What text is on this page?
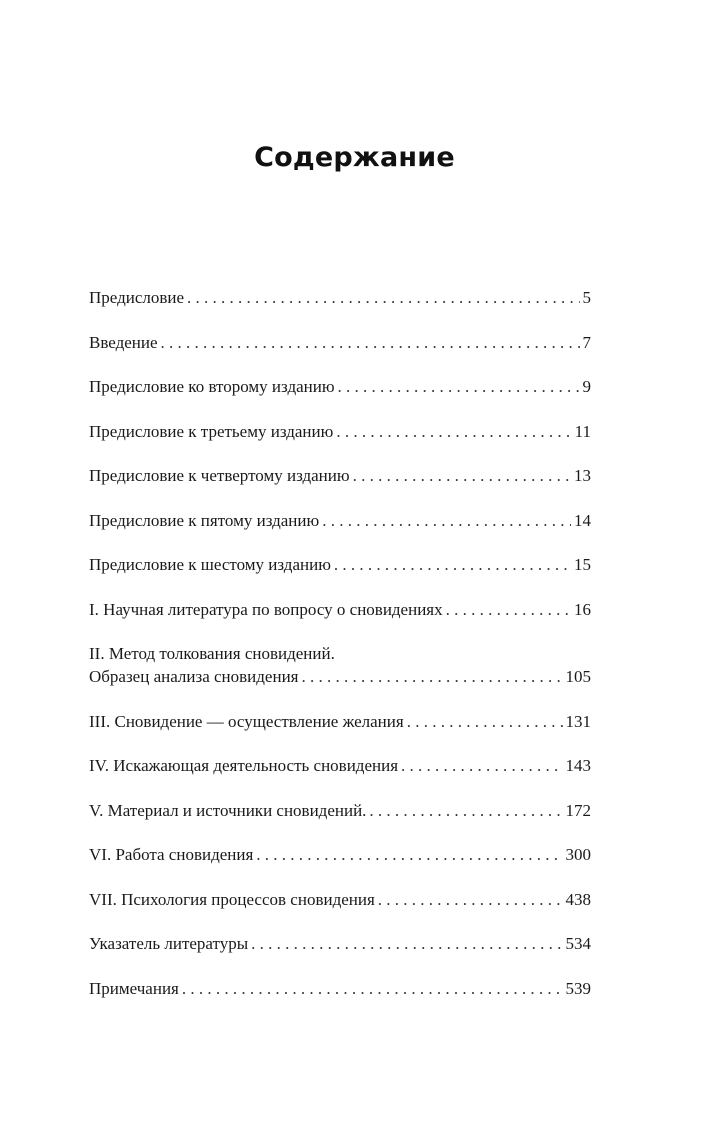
Содержание
Предисловие . . .	5
Введение . . .	7
Предисловие ко второму изданию . . .	9
Предисловие к третьему изданию . . .	11
Предисловие к четвертому изданию . . .	13
Предисловие к пятому изданию . . .	14
Предисловие к шестому изданию . . .	15
I. Научная литература по вопросу о сновидениях . . .	16
II. Метод толкования сновидений.
Образец анализа сновидения . . .	105
III. Сновидение — осуществление желания . . .	131
IV. Искажающая деятельность сновидения . . .	143
V. Материал и источники сновидений. . . .	172
VI. Работа сновидения . . .	300
VII. Психология процессов сновидения . . .	438
Указатель литературы . . .	534
Примечания . . .	539
